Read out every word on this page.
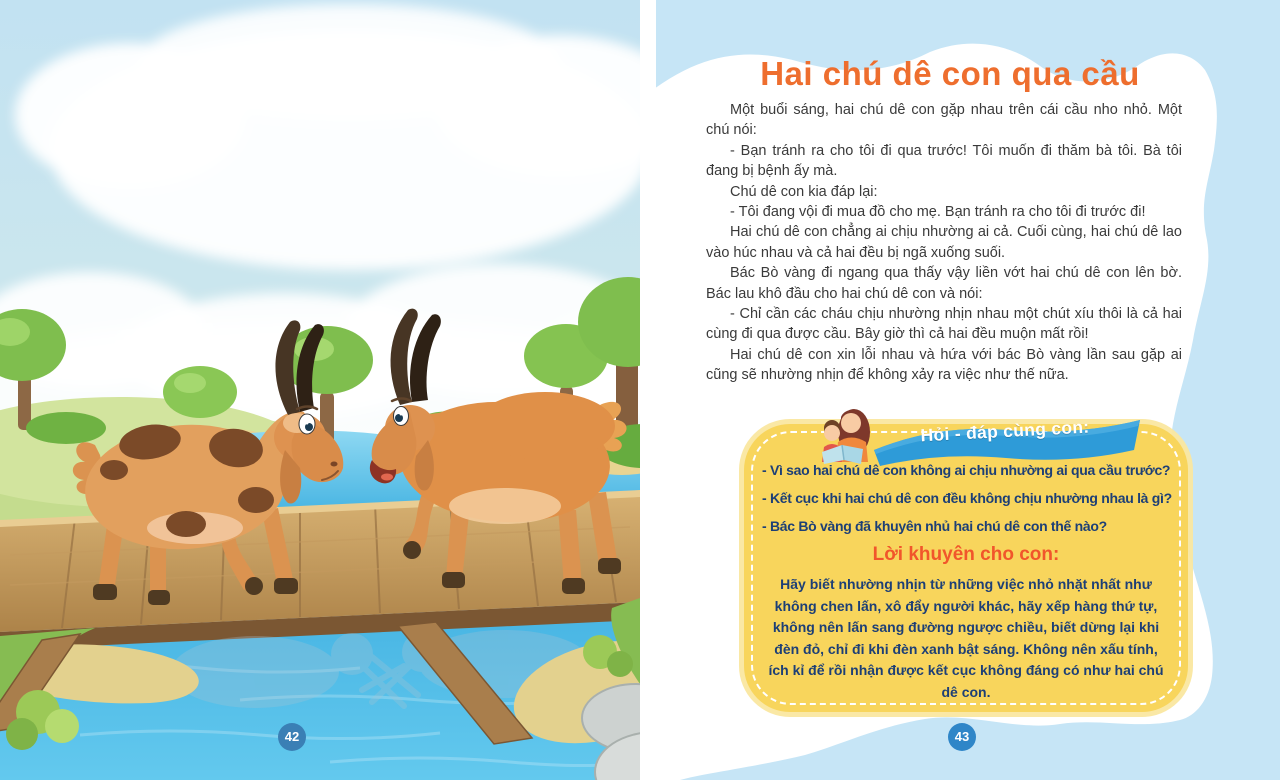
Hai chú dê con qua cầu

Một buổi sáng, hai chú dê con gặp nhau trên cái cầu nho nhỏ. Một chú nói:

- Bạn tránh ra cho tôi đi qua trước! Tôi muốn đi thăm bà tôi. Bà tôi đang bị bệnh ấy mà.

Chú dê con kia đáp lại:

- Tôi đang vội đi mua đồ cho mẹ. Bạn tránh ra cho tôi đi trước đi!

Hai chú dê con chẳng ai chịu nhường ai cả. Cuối cùng, hai chú dê lao vào húc nhau và cả hai đều bị ngã xuống suối.

Bác Bò vàng đi ngang qua thấy vậy liền vớt hai chú dê con lên bờ. Bác lau khô đầu cho hai chú dê con và nói:

- Chỉ cần các cháu chịu nhường nhịn nhau một chút xíu thôi là cả hai cùng đi qua được cầu. Bây giờ thì cả hai đều muộn mất rồi!

Hai chú dê con xin lỗi nhau và hứa với bác Bò vàng lần sau gặp ai cũng sẽ nhường nhịn để không xảy ra việc như thế nữa.

Hỏi - đáp cùng con:
- Vì sao hai chú dê con không ai chịu nhường ai qua cầu trước?
- Kết cục khi hai chú dê con đều không chịu nhường nhau là gì?
- Bác Bò vàng đã khuyên nhủ hai chú dê con thế nào?
Lời khuyên cho con:
Hãy biết nhường nhịn từ những việc nhỏ nhặt nhất như không chen lấn, xô đẩy người khác, hãy xếp hàng thứ tự, không nên lấn sang đường ngược chiều, biết dừng lại khi đèn đỏ, chỉ đi khi đèn xanh bật sáng. Không nên xấu tính, ích kỉ để rồi nhận được kết cục không đáng có như hai chú dê con.
42	43
